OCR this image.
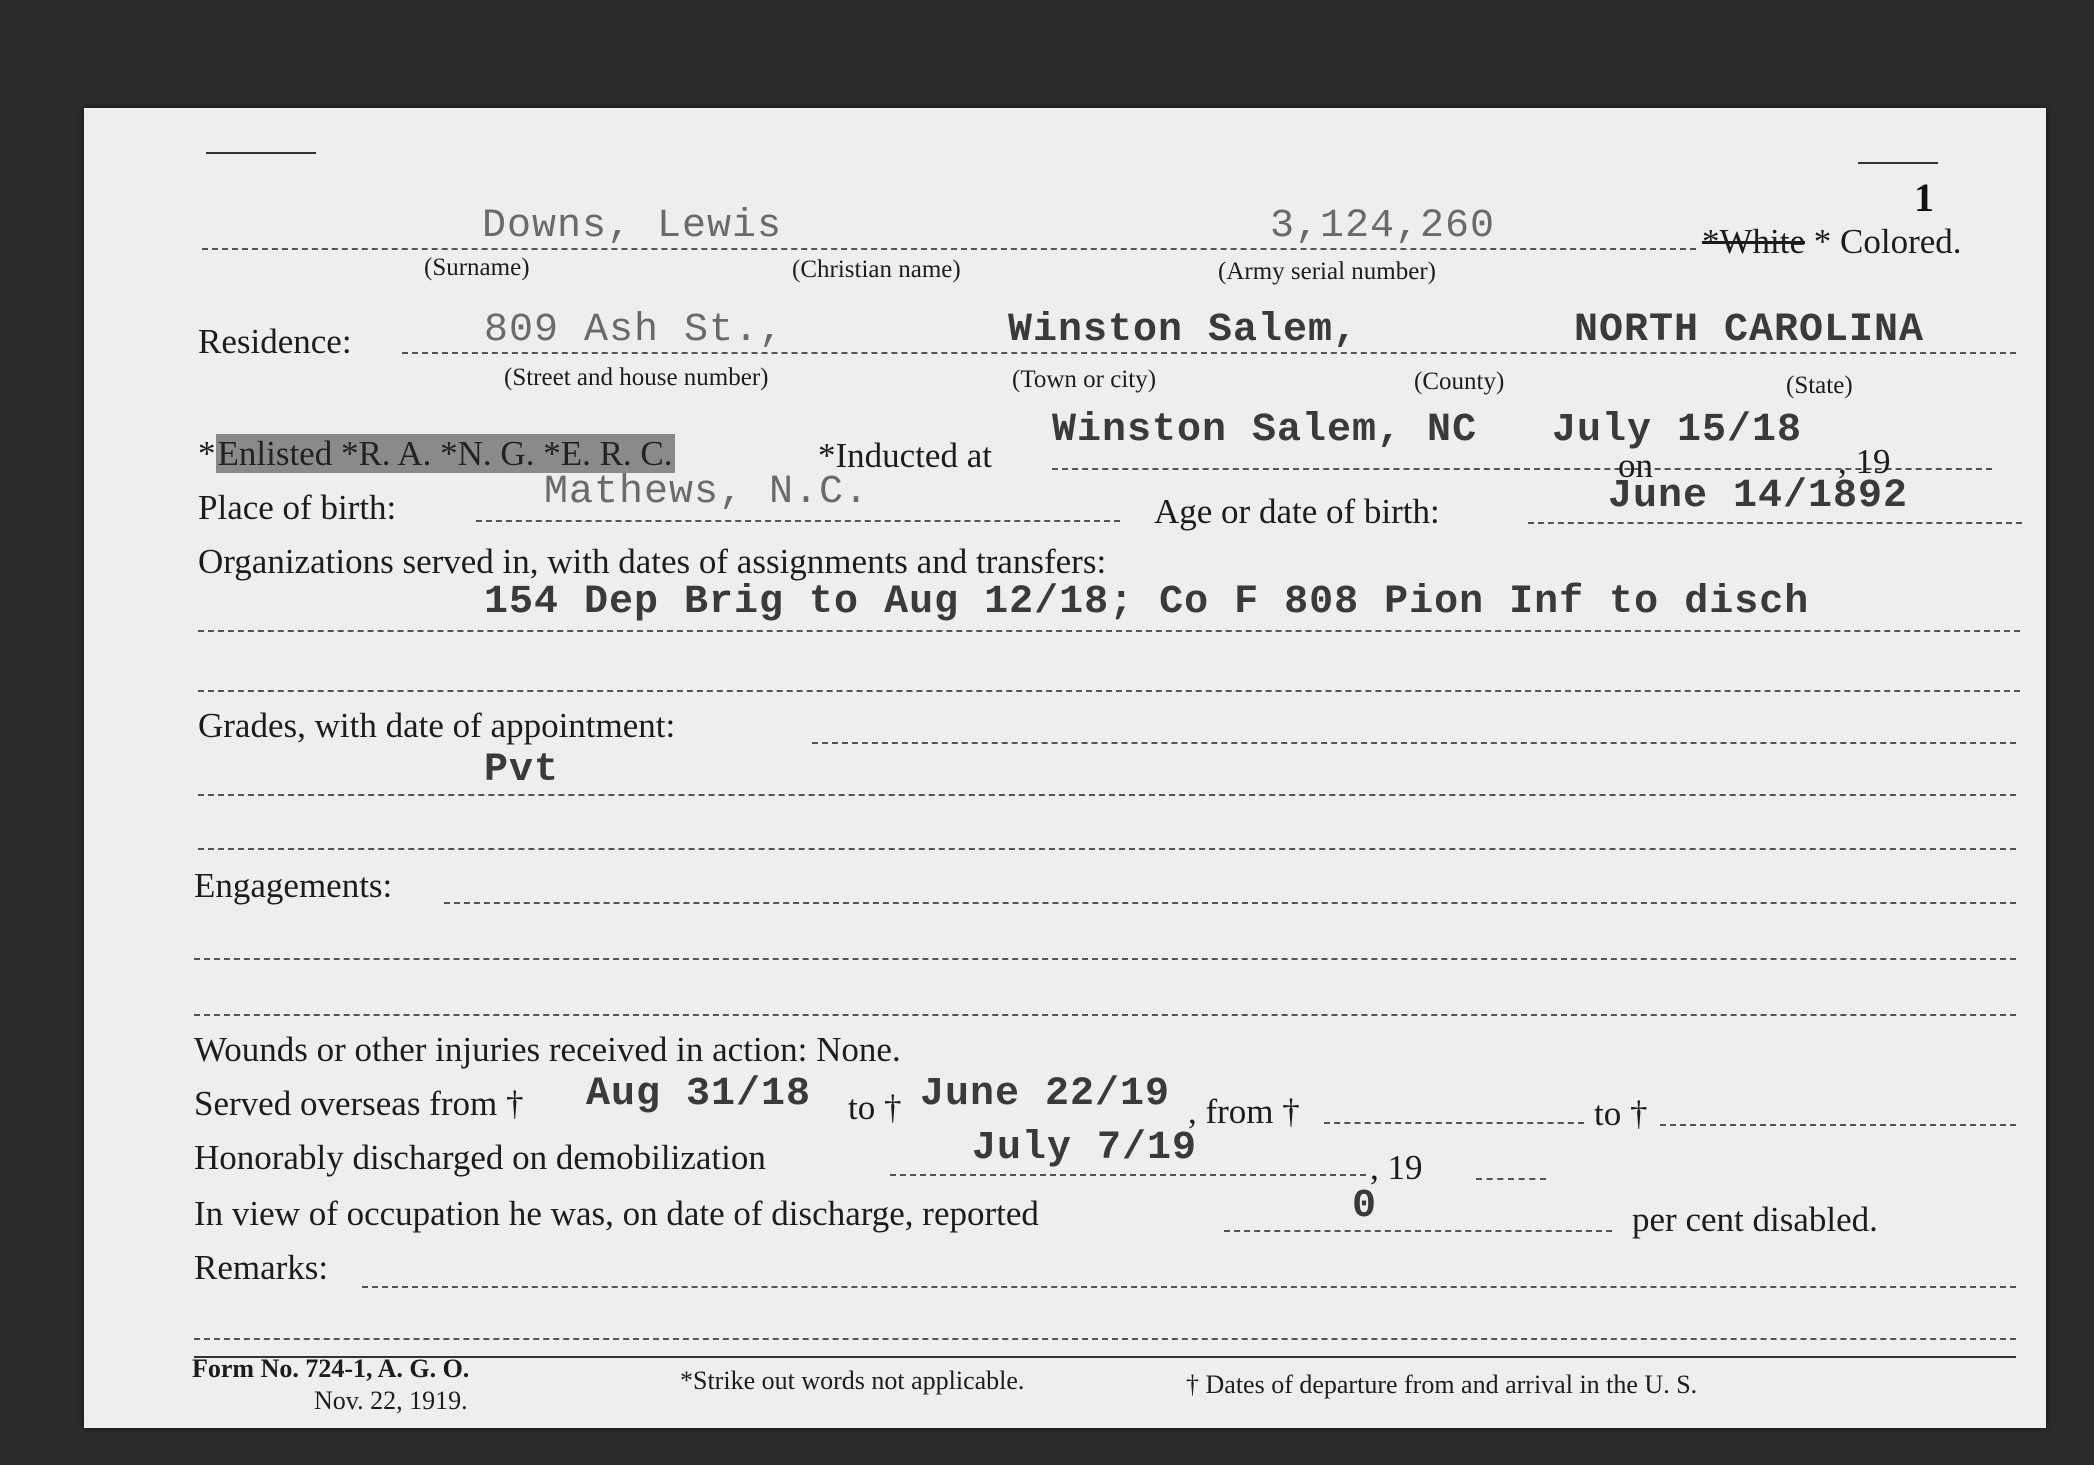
1
Downs, Lewis	3,124,260	*White * Colored.
(Surname)	(Christian name)	(Army serial number)
Residence:	809 Ash St.,	Winston Salem,	NORTH CAROLINA
(Street and house number)	(Town or city)	(County)	(State)
*Enlisted *R. A. *N. G. *E. R. C.	*Inducted at
Winston Salem, NC July 15/18
on	, 19
Place of birth:	Mathews, N.C.	Age or date of birth:	June 14/1892
Organizations served in, with dates of assignments and transfers:
154 Dep Brig to Aug 12/18; Co F 808 Pion Inf to disch
Grades, with date of appointment:
Pvt
Engagements:
Wounds or other injuries received in action: None.
Served overseas from † Aug 31/18 to † June 22/19 , from †	to †
Honorably discharged on demobilization	July 7/19	, 19
In view of occupation he was, on date of discharge, reported	0	per cent disabled.
Remarks:
Form No. 724-1, A. G. O.
Nov. 22, 1919.
*Strike out words not applicable.	† Dates of departure from and arrival in the U. S.
